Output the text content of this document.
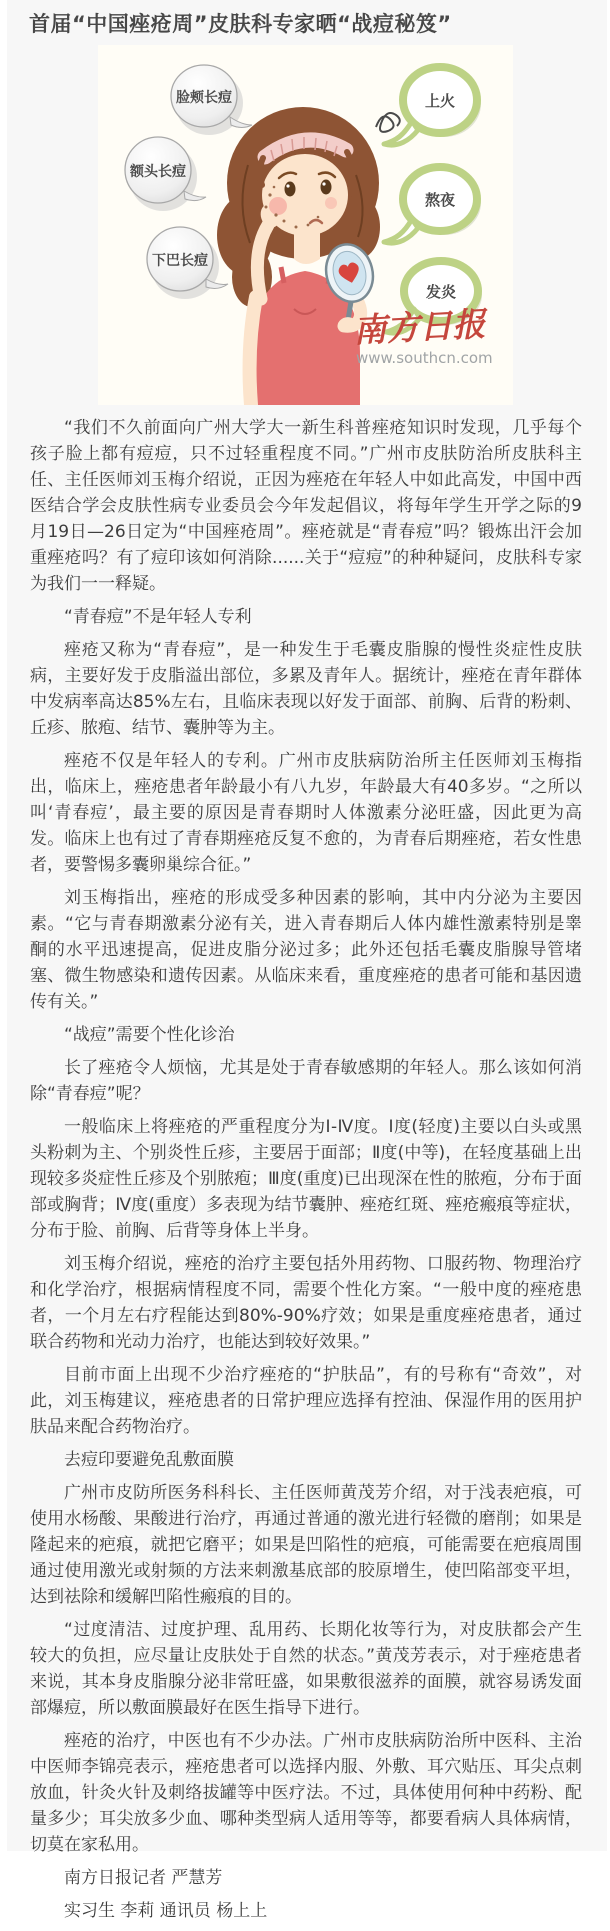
首届“中国痤疮周”皮肤科专家晒“战痘秘笈”
脸颊长痘
额头长痘
下巴长痘
上火
熬夜
发炎
南方日报
www.southcn.com

“我们不久前面向广州大学大一新生科普痤疮知识时发现，几乎每个孩子脸上都有痘痘，只不过轻重程度不同。”广州市皮肤防治所皮肤科主任、主任医师刘玉梅介绍说，正因为痤疮在年轻人中如此高发，中国中西医结合学会皮肤性病专业委员会今年发起倡议，将每年学生开学之际的9月19日—26日定为“中国痤疮周”。痤疮就是“青春痘”吗？锻炼出汗会加重痤疮吗？有了痘印该如何消除......关于“痘痘”的种种疑问，皮肤科专家为我们一一释疑。

“青春痘”不是年轻人专利

痤疮又称为“青春痘”，是一种发生于毛囊皮脂腺的慢性炎症性皮肤病，主要好发于皮脂溢出部位，多累及青年人。据统计，痤疮在青年群体中发病率高达85%左右，且临床表现以好发于面部、前胸、后背的粉刺、丘疹、脓疱、结节、囊肿等为主。

痤疮不仅是年轻人的专利。广州市皮肤病防治所主任医师刘玉梅指出，临床上，痤疮患者年龄最小有八九岁，年龄最大有40多岁。“之所以叫‘青春痘’，最主要的原因是青春期时人体激素分泌旺盛，因此更为高发。临床上也有过了青春期痤疮反复不愈的，为青春后期痤疮，若女性患者，要警惕多囊卵巢综合征。”

刘玉梅指出，痤疮的形成受多种因素的影响，其中内分泌为主要因素。“它与青春期激素分泌有关，进入青春期后人体内雄性激素特别是睾酮的水平迅速提高，促进皮脂分泌过多；此外还包括毛囊皮脂腺导管堵塞、微生物感染和遗传因素。从临床来看，重度痤疮的患者可能和基因遗传有关。”

“战痘”需要个性化诊治

长了痤疮令人烦恼，尤其是处于青春敏感期的年轻人。那么该如何消除“青春痘”呢？

一般临床上将痤疮的严重程度分为Ⅰ-Ⅳ度。Ⅰ度(轻度)主要以白头或黑头粉刺为主、个别炎性丘疹，主要居于面部；Ⅱ度(中等)，在轻度基础上出现较多炎症性丘疹及个别脓疱；Ⅲ度(重度)已出现深在性的脓疱，分布于面部或胸背；Ⅳ度(重度）多表现为结节囊肿、痤疮红斑、痤疮瘢痕等症状，分布于脸、前胸、后背等身体上半身。

刘玉梅介绍说，痤疮的治疗主要包括外用药物、口服药物、物理治疗和化学治疗，根据病情程度不同，需要个性化方案。“一般中度的痤疮患者，一个月左右疗程能达到80%-90%疗效；如果是重度痤疮患者，通过联合药物和光动力治疗，也能达到较好效果。”

目前市面上出现不少治疗痤疮的“护肤品”，有的号称有“奇效”，对此，刘玉梅建议，痤疮患者的日常护理应选择有控油、保湿作用的医用护肤品来配合药物治疗。

去痘印要避免乱敷面膜

广州市皮防所医务科科长、主任医师黄茂芳介绍，对于浅表疤痕，可使用水杨酸、果酸进行治疗，再通过普通的激光进行轻微的磨削；如果是隆起来的疤痕，就把它磨平；如果是凹陷性的疤痕，可能需要在疤痕周围通过使用激光或射频的方法来刺激基底部的胶原增生，使凹陷部变平坦，达到祛除和缓解凹陷性瘢痕的目的。

“过度清洁、过度护理、乱用药、长期化妆等行为，对皮肤都会产生较大的负担，应尽量让皮肤处于自然的状态。”黄茂芳表示，对于痤疮患者来说，其本身皮脂腺分泌非常旺盛，如果敷很滋养的面膜，就容易诱发面部爆痘，所以敷面膜最好在医生指导下进行。

痤疮的治疗，中医也有不少办法。广州市皮肤病防治所中医科、主治中医师李锦亮表示，痤疮患者可以选择内服、外敷、耳穴贴压、耳尖点刺放血，针灸火针及刺络拔罐等中医疗法。不过，具体使用何种中药粉、配量多少；耳尖放多少血、哪种类型病人适用等等，都要看病人具体病情，切莫在家私用。

南方日报记者 严慧芳

实习生 李莉 通讯员 杨上上
